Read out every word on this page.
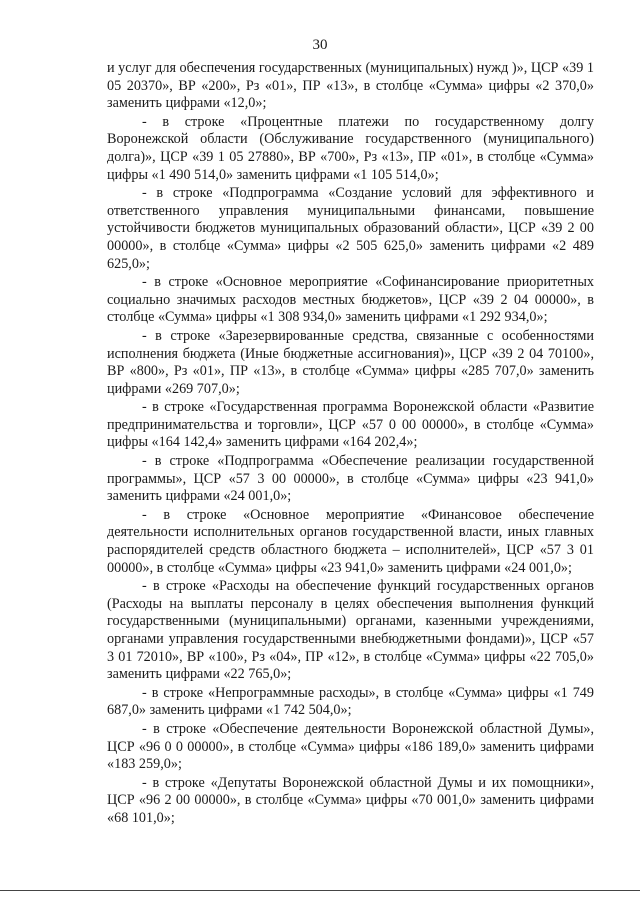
30

и услуг для обеспечения государственных (муниципальных) нужд )», ЦСР «39 1 05 20370», ВР «200», Рз «01», ПР «13», в столбце «Сумма» цифры «2 370,0» заменить цифрами «12,0»;

- в строке «Процентные платежи по государственному долгу Воронежской области (Обслуживание государственного (муниципального) долга)», ЦСР «39 1 05 27880», ВР «700», Рз «13», ПР «01», в столбце «Сумма» цифры «1 490 514,0» заменить цифрами «1 105 514,0»;

- в строке «Подпрограмма «Создание условий для эффективного и ответственного управления муниципальными финансами, повышение устойчивости бюджетов муниципальных образований области», ЦСР «39 2 00 00000», в столбце «Сумма» цифры «2 505 625,0» заменить цифрами «2 489 625,0»;

- в строке «Основное мероприятие «Софинансирование приоритетных социально значимых расходов местных бюджетов», ЦСР «39 2 04 00000», в столбце «Сумма» цифры «1 308 934,0» заменить цифрами «1 292 934,0»;

- в строке «Зарезервированные средства, связанные с особенностями исполнения бюджета (Иные бюджетные ассигнования)», ЦСР «39 2 04 70100», ВР «800», Рз «01», ПР «13», в столбце «Сумма» цифры «285 707,0» заменить цифрами «269 707,0»;

- в строке «Государственная программа Воронежской области «Развитие предпринимательства и торговли», ЦСР «57 0 00 00000», в столбце «Сумма» цифры «164 142,4» заменить цифрами «164 202,4»;

- в строке «Подпрограмма «Обеспечение реализации государственной программы», ЦСР «57 3 00 00000», в столбце «Сумма» цифры «23 941,0» заменить цифрами «24 001,0»;

- в строке «Основное мероприятие «Финансовое обеспечение деятельности исполнительных органов государственной власти, иных главных распорядителей средств областного бюджета – исполнителей», ЦСР «57 3 01 00000», в столбце «Сумма» цифры «23 941,0» заменить цифрами «24 001,0»;

- в строке «Расходы на обеспечение функций государственных органов (Расходы на выплаты персоналу в целях обеспечения выполнения функций государственными (муниципальными) органами, казенными учреждениями, органами управления государственными внебюджетными фондами)», ЦСР «57 3 01 72010», ВР «100», Рз «04», ПР «12», в столбце «Сумма» цифры «22 705,0» заменить цифрами «22 765,0»;

- в строке «Непрограммные расходы», в столбце «Сумма» цифры «1 749 687,0» заменить цифрами «1 742 504,0»;

- в строке «Обеспечение деятельности Воронежской областной Думы», ЦСР «96 0 0 00000», в столбце «Сумма» цифры «186 189,0» заменить цифрами «183 259,0»;

- в строке «Депутаты Воронежской областной Думы и их помощники», ЦСР «96 2 00 00000», в столбце «Сумма» цифры «70 001,0» заменить цифрами «68 101,0»;
